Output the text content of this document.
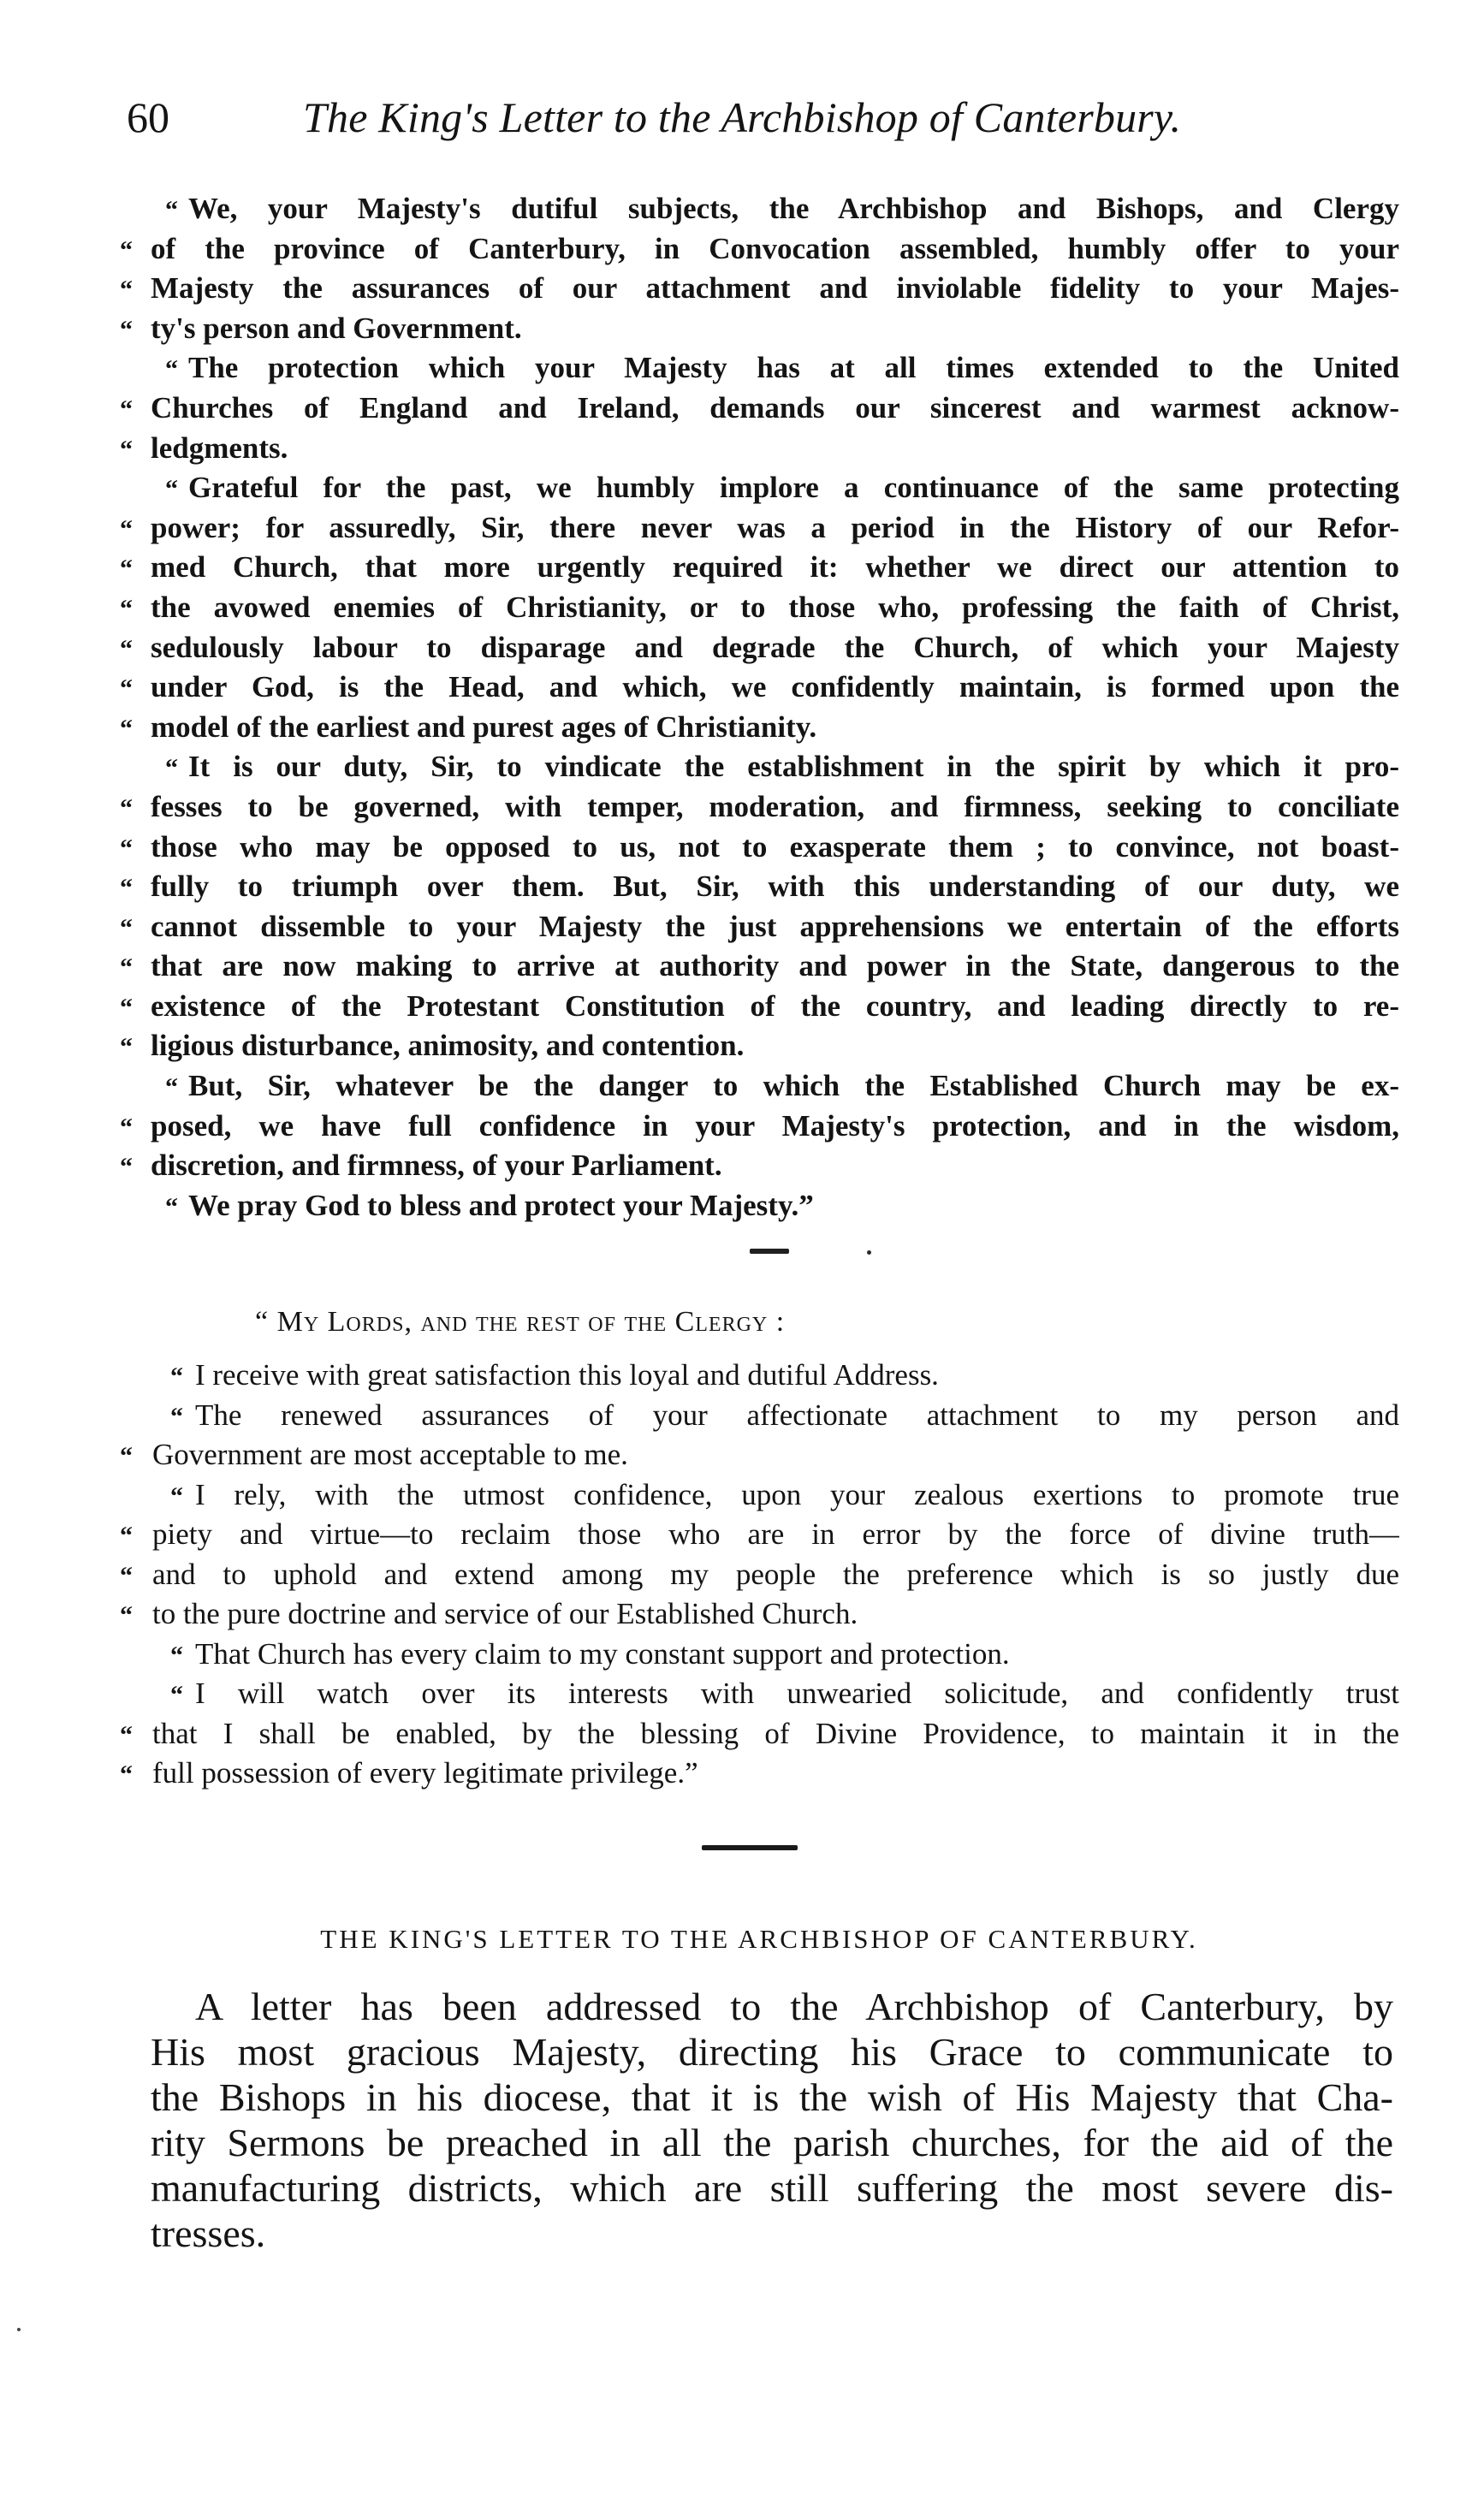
60	The King's Letter to the Archbishop of Canterbury.
“ We, your Majesty's dutiful subjects, the Archbishop and Bishops, and Clergy
“ of the province of Canterbury, in Convocation assembled, humbly offer to your
“ Majesty the assurances of our attachment and inviolable fidelity to your Majes-
“ ty's person and Government.
“ The protection which your Majesty has at all times extended to the United
“ Churches of England and Ireland, demands our sincerest and warmest acknow-
“ ledgments.
“ Grateful for the past, we humbly implore a continuance of the same protecting
“ power; for assuredly, Sir, there never was a period in the History of our Refor-
“ med Church, that more urgently required it: whether we direct our attention to
“ the avowed enemies of Christianity, or to those who, professing the faith of Christ,
“ sedulously labour to disparage and degrade the Church, of which your Majesty
“ under God, is the Head, and which, we confidently maintain, is formed upon the
“ model of the earliest and purest ages of Christianity.
“ It is our duty, Sir, to vindicate the establishment in the spirit by which it pro-
“ fesses to be governed, with temper, moderation, and firmness, seeking to conciliate
“ those who may be opposed to us, not to exasperate them ; to convince, not boast-
“ fully to triumph over them. But, Sir, with this understanding of our duty, we
“ cannot dissemble to your Majesty the just apprehensions we entertain of the efforts
“ that are now making to arrive at authority and power in the State, dangerous to the
“ existence of the Protestant Constitution of the country, and leading directly to re-
“ ligious disturbance, animosity, and contention.
“ But, Sir, whatever be the danger to which the Established Church may be ex-
“ posed, we have full confidence in your Majesty's protection, and in the wisdom,
“ discretion, and firmness, of your Parliament.
“ We pray God to bless and protect your Majesty.”
“ My Lords, and the rest of the Clergy :
“ I receive with great satisfaction this loyal and dutiful Address.
“ The renewed assurances of your affectionate attachment to my person and
“ Government are most acceptable to me.
“ I rely, with the utmost confidence, upon your zealous exertions to promote true
“ piety and virtue—to reclaim those who are in error by the force of divine truth—
“ and to uphold and extend among my people the preference which is so justly due
“ to the pure doctrine and service of our Established Church.
“ That Church has every claim to my constant support and protection.
“ I will watch over its interests with unwearied solicitude, and confidently trust
“ that I shall be enabled, by the blessing of Divine Providence, to maintain it in the
“ full possession of every legitimate privilege.”
THE KING'S LETTER TO THE ARCHBISHOP OF CANTERBURY.
A letter has been addressed to the Archbishop of Canterbury, by
His most gracious Majesty, directing his Grace to communicate to
the Bishops in his diocese, that it is the wish of His Majesty that Cha-
rity Sermons be preached in all the parish churches, for the aid of the
manufacturing districts, which are still suffering the most severe dis-
tresses.
